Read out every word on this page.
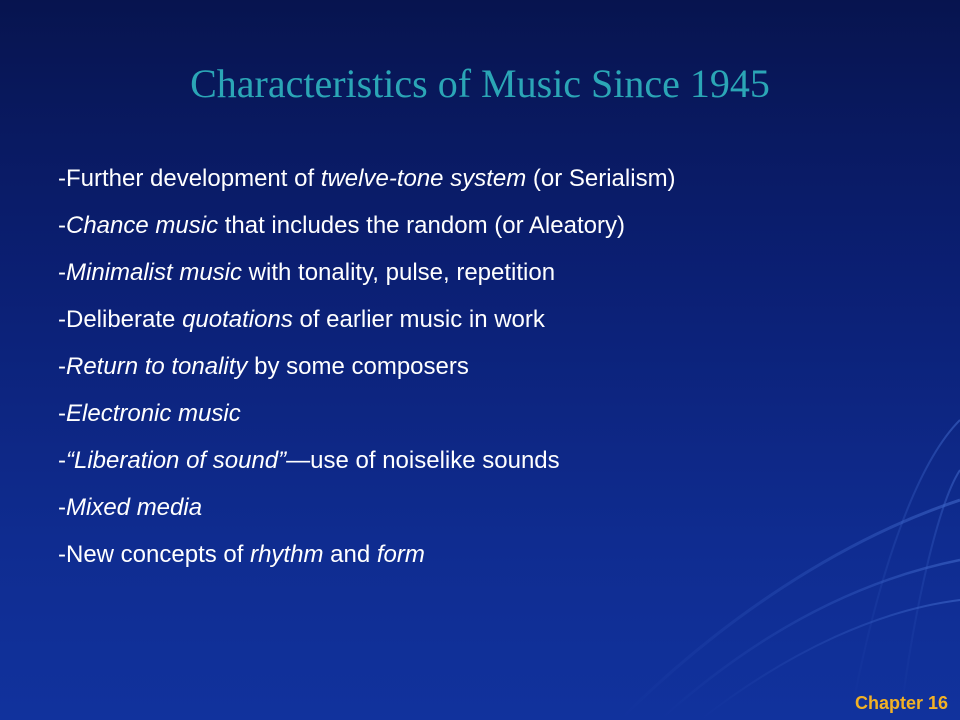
Characteristics of Music Since 1945
-Further development of twelve-tone system (or Serialism)
-Chance music that includes the random (or Aleatory)
-Minimalist music with tonality, pulse, repetition
-Deliberate quotations of earlier music in work
-Return to tonality by some composers
-Electronic music
-“Liberation of sound”—use of noiselike sounds
-Mixed media
-New concepts of rhythm and form
Chapter 16
